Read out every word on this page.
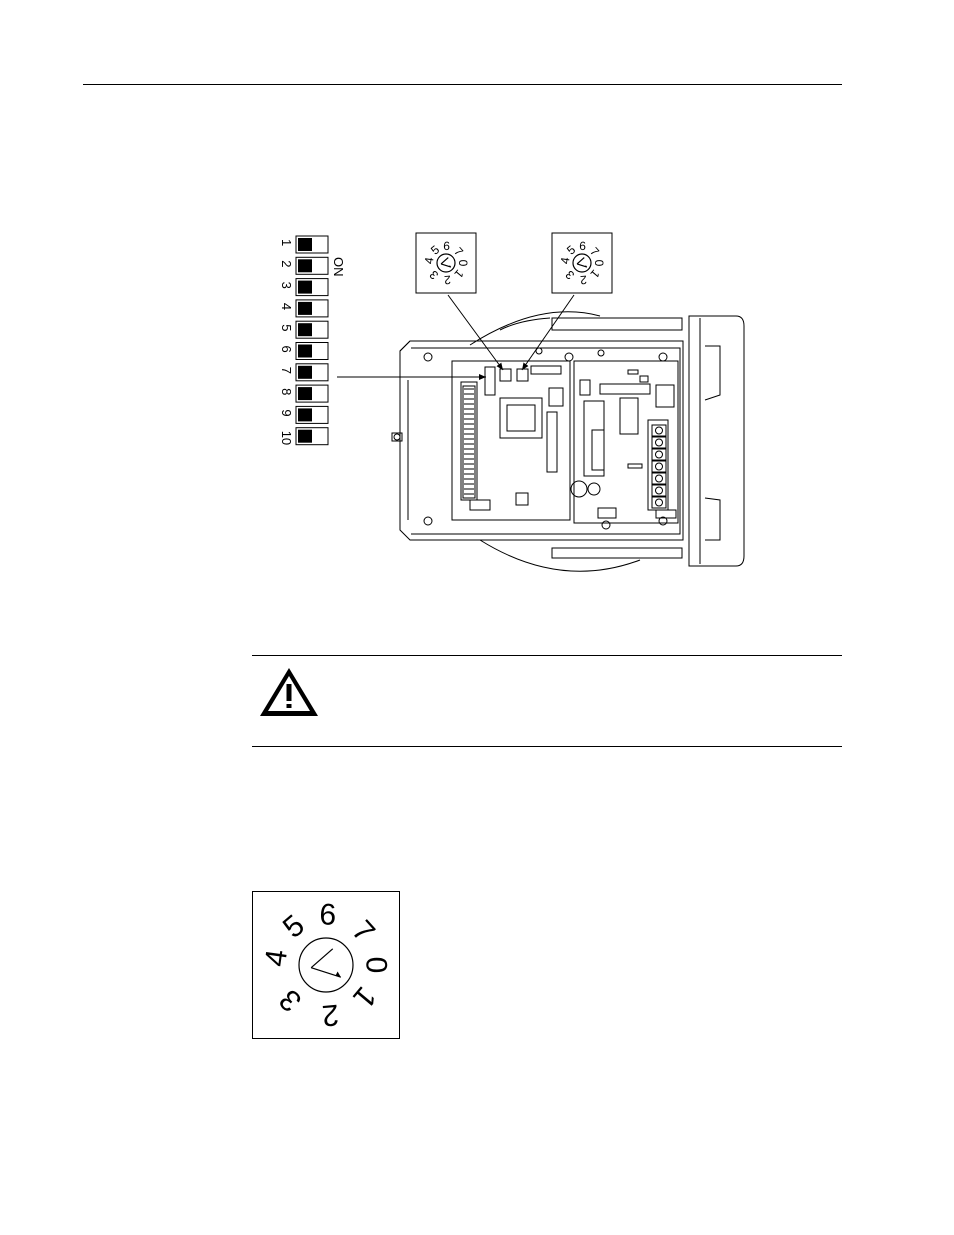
1
2
3
4
5
6
7
8
9
10
ON	0
1
2
3
4
5 6 7
0
1
2
3
4
5 6 7
0
1
2
3
4
5 6 7
